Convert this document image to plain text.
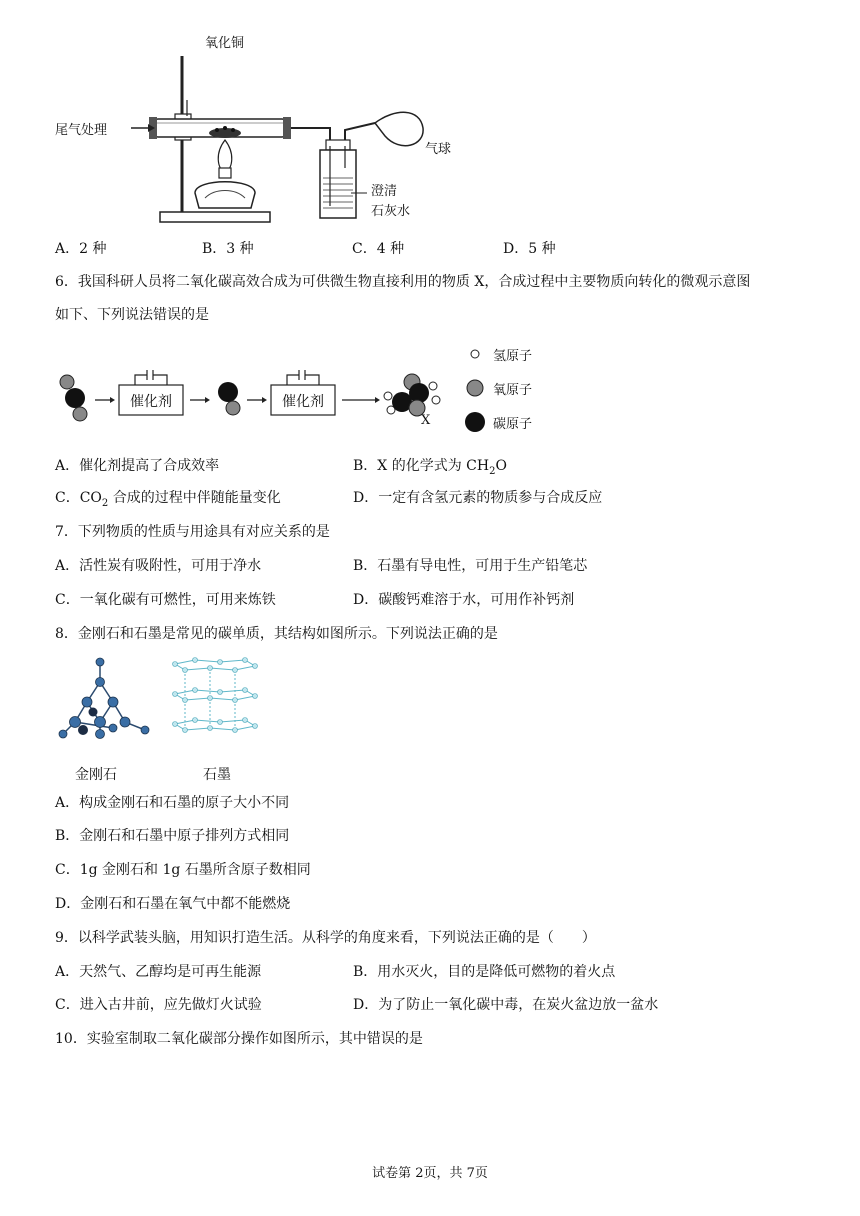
尾气处理
氧化铜
气球
澄清
石灰水
A．2 种	B．3 种	C．4 种	D．5 种
6．我国科研人员将二氧化碳高效合成为可供微生物直接利用的物质 X，合成过程中主要物质向转化的微观示意图
如下、下列说法错误的是
催化剂	催化剂
X
氢原子
氧原子
碳原子
A．催化剂提高了合成效率	B．X 的化学式为 $CH_2O$
C．$CO_2$ 合成的过程中伴随能量变化	D．一定有含氢元素的物质参与合成反应
7．下列物质的性质与用途具有对应关系的是
A．活性炭有吸附性，可用于净水	B．石墨有导电性，可用于生产铅笔芯
C．一氧化碳有可燃性，可用来炼铁	D．碳酸钙难溶于水，可用作补钙剂
8．金刚石和石墨是常见的碳单质，其结构如图所示。下列说法正确的是
金刚石	石墨
A．构成金刚石和石墨的原子大小不同
B．金刚石和石墨中原子排列方式相同
C．1g 金刚石和 1g 石墨所含原子数相同
D．金刚石和石墨在氧气中都不能燃烧
9．以科学武装头脑，用知识打造生活。从科学的角度来看，下列说法正确的是（　　）
A．天然气、乙醇均是可再生能源	B．用水灭火，目的是降低可燃物的着火点
C．进入古井前，应先做灯火试验	D．为了防止一氧化碳中毒，在炭火盆边放一盆水
10．实验室制取二氧化碳部分操作如图所示，其中错误的是
试卷第 2页，共 7页
